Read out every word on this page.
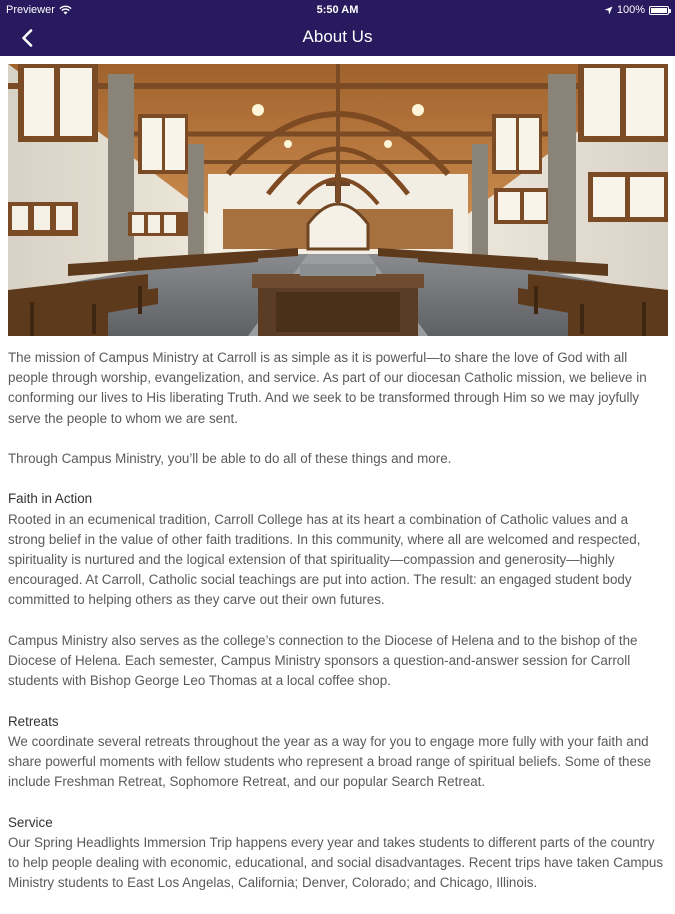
Previewer	5:50 AM	100%
About Us

The mission of Campus Ministry at Carroll is as simple as it is powerful—to share the love of God with all people through worship, evangelization, and service. As part of our diocesan Catholic mission, we believe in conforming our lives to His liberating Truth. And we seek to be transformed through Him so we may joyfully serve the people to whom we are sent.

Through Campus Ministry, you’ll be able to do all of these things and more.

Faith in Action

Rooted in an ecumenical tradition, Carroll College has at its heart a combination of Catholic values and a strong belief in the value of other faith traditions. In this community, where all are welcomed and respected, spirituality is nurtured and the logical extension of that spirituality—compassion and generosity—highly encouraged. At Carroll, Catholic social teachings are put into action. The result: an engaged student body committed to helping others as they carve out their own futures.

Campus Ministry also serves as the college’s connection to the Diocese of Helena and to the bishop of the Diocese of Helena. Each semester, Campus Ministry sponsors a question-and-answer session for Carroll students with Bishop George Leo Thomas at a local coffee shop.

Retreats

We coordinate several retreats throughout the year as a way for you to engage more fully with your faith and share powerful moments with fellow students who represent a broad range of spiritual beliefs. Some of these include Freshman Retreat, Sophomore Retreat, and our popular Search Retreat.

Service

Our Spring Headlights Immersion Trip happens every year and takes students to different parts of the country to help people dealing with economic, educational, and social disadvantages. Recent trips have taken Campus Ministry students to East Los Angelas, California; Denver, Colorado; and Chicago, Illinois.
